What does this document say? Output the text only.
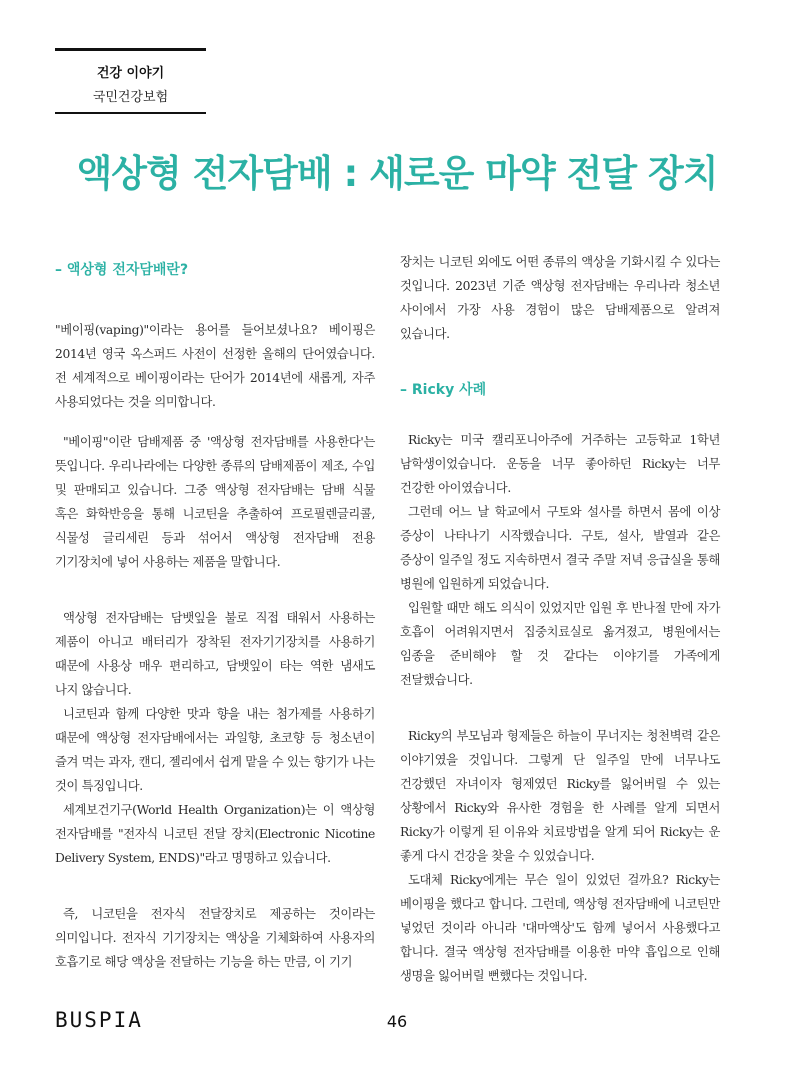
건강 이야기
국민건강보험
액상형 전자담배 : 새로운 마약 전달 장치
– 액상형 전자담배란?

"베이핑(vaping)"이라는 용어를 들어보셨나요? 베이핑은 2014년 영국 옥스퍼드 사전이 선정한 올해의 단어였습니다. 전 세계적으로 베이핑이라는 단어가 2014년에 새롭게, 자주 사용되었다는 것을 의미합니다.

"베이핑"이란 담배제품 중 '액상형 전자담배를 사용한다'는 뜻입니다. 우리나라에는 다양한 종류의 담배제품이 제조, 수입 및 판매되고 있습니다. 그중 액상형 전자담배는 담배 식물 혹은 화학반응을 통해 니코틴을 추출하여 프로필렌글리콜, 식물성 글리세린 등과 섞어서 액상형 전자담배 전용 기기장치에 넣어 사용하는 제품을 말합니다.

액상형 전자담배는 담뱃잎을 불로 직접 태워서 사용하는 제품이 아니고 배터리가 장착된 전자기기장치를 사용하기 때문에 사용상 매우 편리하고, 담뱃잎이 타는 역한 냄새도 나지 않습니다.

니코틴과 함께 다양한 맛과 향을 내는 첨가제를 사용하기 때문에 액상형 전자담배에서는 과일향, 초코향 등 청소년이 즐겨 먹는 과자, 캔디, 젤리에서 쉽게 맡을 수 있는 향기가 나는 것이 특징입니다.

세계보건기구(World Health Organization)는 이 액상형 전자담배를 "전자식 니코틴 전달 장치(Electronic Nicotine Delivery System, ENDS)"라고 명명하고 있습니다.

즉, 니코틴을 전자식 전달장치로 제공하는 것이라는 의미입니다. 전자식 기기장치는 액상을 기체화하여 사용자의 호흡기로 해당 액상을 전달하는 기능을 하는 만큼, 이 기기

장치는 니코틴 외에도 어떤 종류의 액상을 기화시킬 수 있다는 것입니다. 2023년 기준 액상형 전자담배는 우리나라 청소년 사이에서 가장 사용 경험이 많은 담배제품으로 알려져 있습니다.

– Ricky 사례

Ricky는 미국 캘리포니아주에 거주하는 고등학교 1학년 남학생이었습니다. 운동을 너무 좋아하던 Ricky는 너무 건강한 아이였습니다.

그런데 어느 날 학교에서 구토와 설사를 하면서 몸에 이상 증상이 나타나기 시작했습니다. 구토, 설사, 발열과 같은 증상이 일주일 정도 지속하면서 결국 주말 저녁 응급실을 통해 병원에 입원하게 되었습니다.

입원할 때만 해도 의식이 있었지만 입원 후 반나절 만에 자가 호흡이 어려워지면서 집중치료실로 옮겨졌고, 병원에서는 임종을 준비해야 할 것 같다는 이야기를 가족에게 전달했습니다.

Ricky의 부모님과 형제들은 하늘이 무너지는 청천벽력 같은 이야기였을 것입니다. 그렇게 단 일주일 만에 너무나도 건강했던 자녀이자 형제였던 Ricky를 잃어버릴 수 있는 상황에서 Ricky와 유사한 경험을 한 사례를 알게 되면서 Ricky가 이렇게 된 이유와 치료방법을 알게 되어 Ricky는 운 좋게 다시 건강을 찾을 수 있었습니다.

도대체 Ricky에게는 무슨 일이 있었던 걸까요? Ricky는 베이핑을 했다고 합니다. 그런데, 액상형 전자담배에 니코틴만 넣었던 것이라 아니라 '대마액상'도 함께 넣어서 사용했다고 합니다. 결국 액상형 전자담배를 이용한 마약 흡입으로 인해 생명을 잃어버릴 뻔했다는 것입니다.

BUSPIA	46
